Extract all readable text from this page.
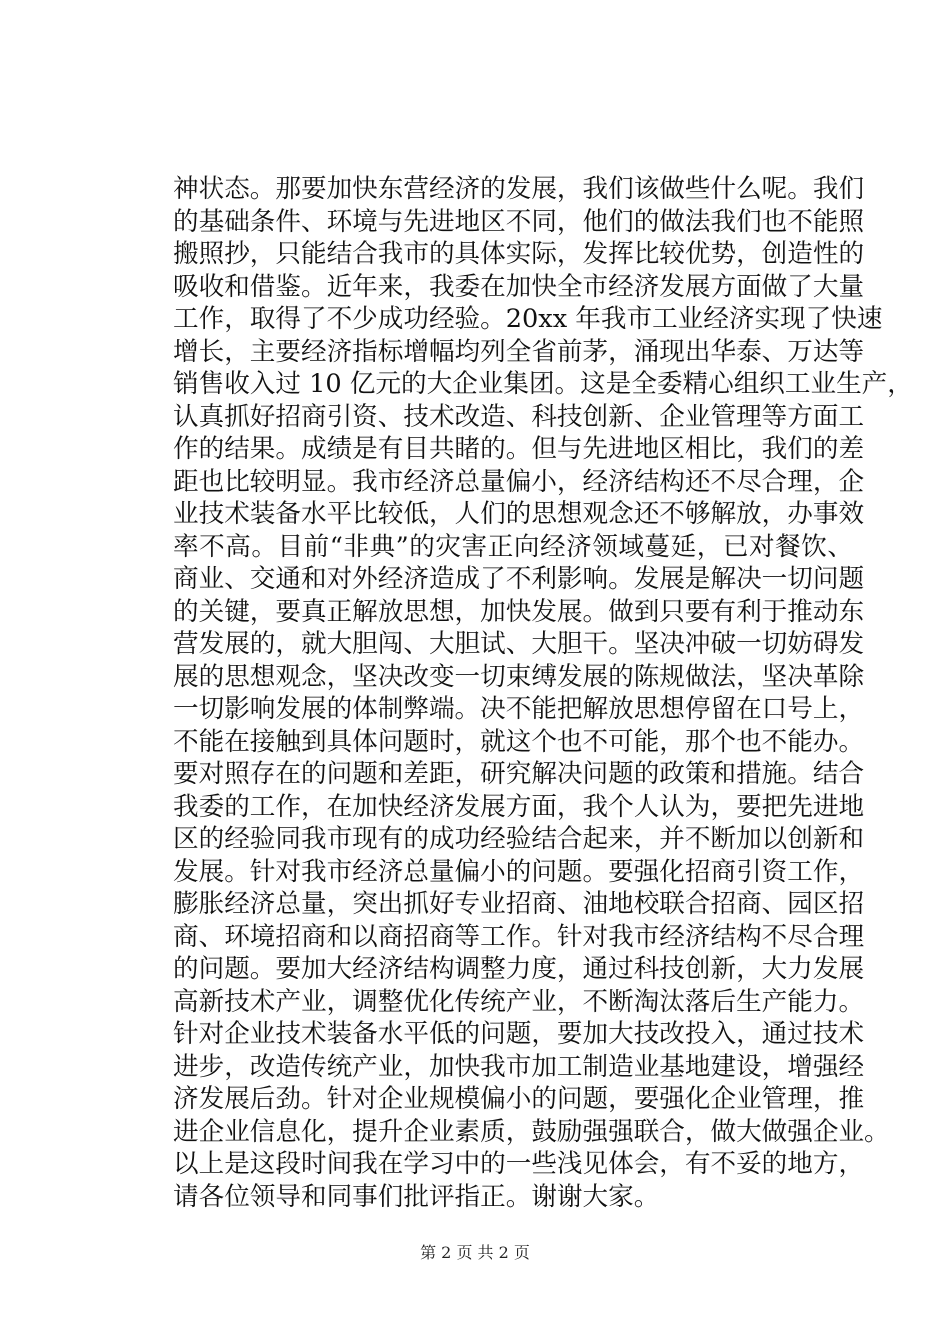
神状态。那要加快东营经济的发展，我们该做些什么呢。我们
的基础条件、环境与先进地区不同，他们的做法我们也不能照
搬照抄，只能结合我市的具体实际，发挥比较优势，创造性的
吸收和借鉴。近年来，我委在加快全市经济发展方面做了大量
工作，取得了不少成功经验。20xx 年我市工业经济实现了快速
增长，主要经济指标增幅均列全省前茅，涌现出华泰、万达等
销售收入过 10 亿元的大企业集团。这是全委精心组织工业生产，
认真抓好招商引资、技术改造、科技创新、企业管理等方面工
作的结果。成绩是有目共睹的。但与先进地区相比，我们的差
距也比较明显。我市经济总量偏小，经济结构还不尽合理，企
业技术装备水平比较低，人们的思想观念还不够解放，办事效
率不高。目前“非典”的灾害正向经济领域蔓延，已对餐饮、
商业、交通和对外经济造成了不利影响。发展是解决一切问题
的关键，要真正解放思想，加快发展。做到只要有利于推动东
营发展的，就大胆闯、大胆试、大胆干。坚决冲破一切妨碍发
展的思想观念，坚决改变一切束缚发展的陈规做法，坚决革除
一切影响发展的体制弊端。决不能把解放思想停留在口号上，
不能在接触到具体问题时，就这个也不可能，那个也不能办。
要对照存在的问题和差距，研究解决问题的政策和措施。结合
我委的工作，在加快经济发展方面，我个人认为，要把先进地
区的经验同我市现有的成功经验结合起来，并不断加以创新和
发展。针对我市经济总量偏小的问题。要强化招商引资工作，
膨胀经济总量，突出抓好专业招商、油地校联合招商、园区招
商、环境招商和以商招商等工作。针对我市经济结构不尽合理
的问题。要加大经济结构调整力度，通过科技创新，大力发展
高新技术产业，调整优化传统产业，不断淘汰落后生产能力。
针对企业技术装备水平低的问题，要加大技改投入，通过技术
进步，改造传统产业，加快我市加工制造业基地建设，增强经
济发展后劲。针对企业规模偏小的问题，要强化企业管理，推
进企业信息化，提升企业素质，鼓励强强联合，做大做强企业。
以上是这段时间我在学习中的一些浅见体会，有不妥的地方，
请各位领导和同事们批评指正。谢谢大家。
第 2 页 共 2 页
